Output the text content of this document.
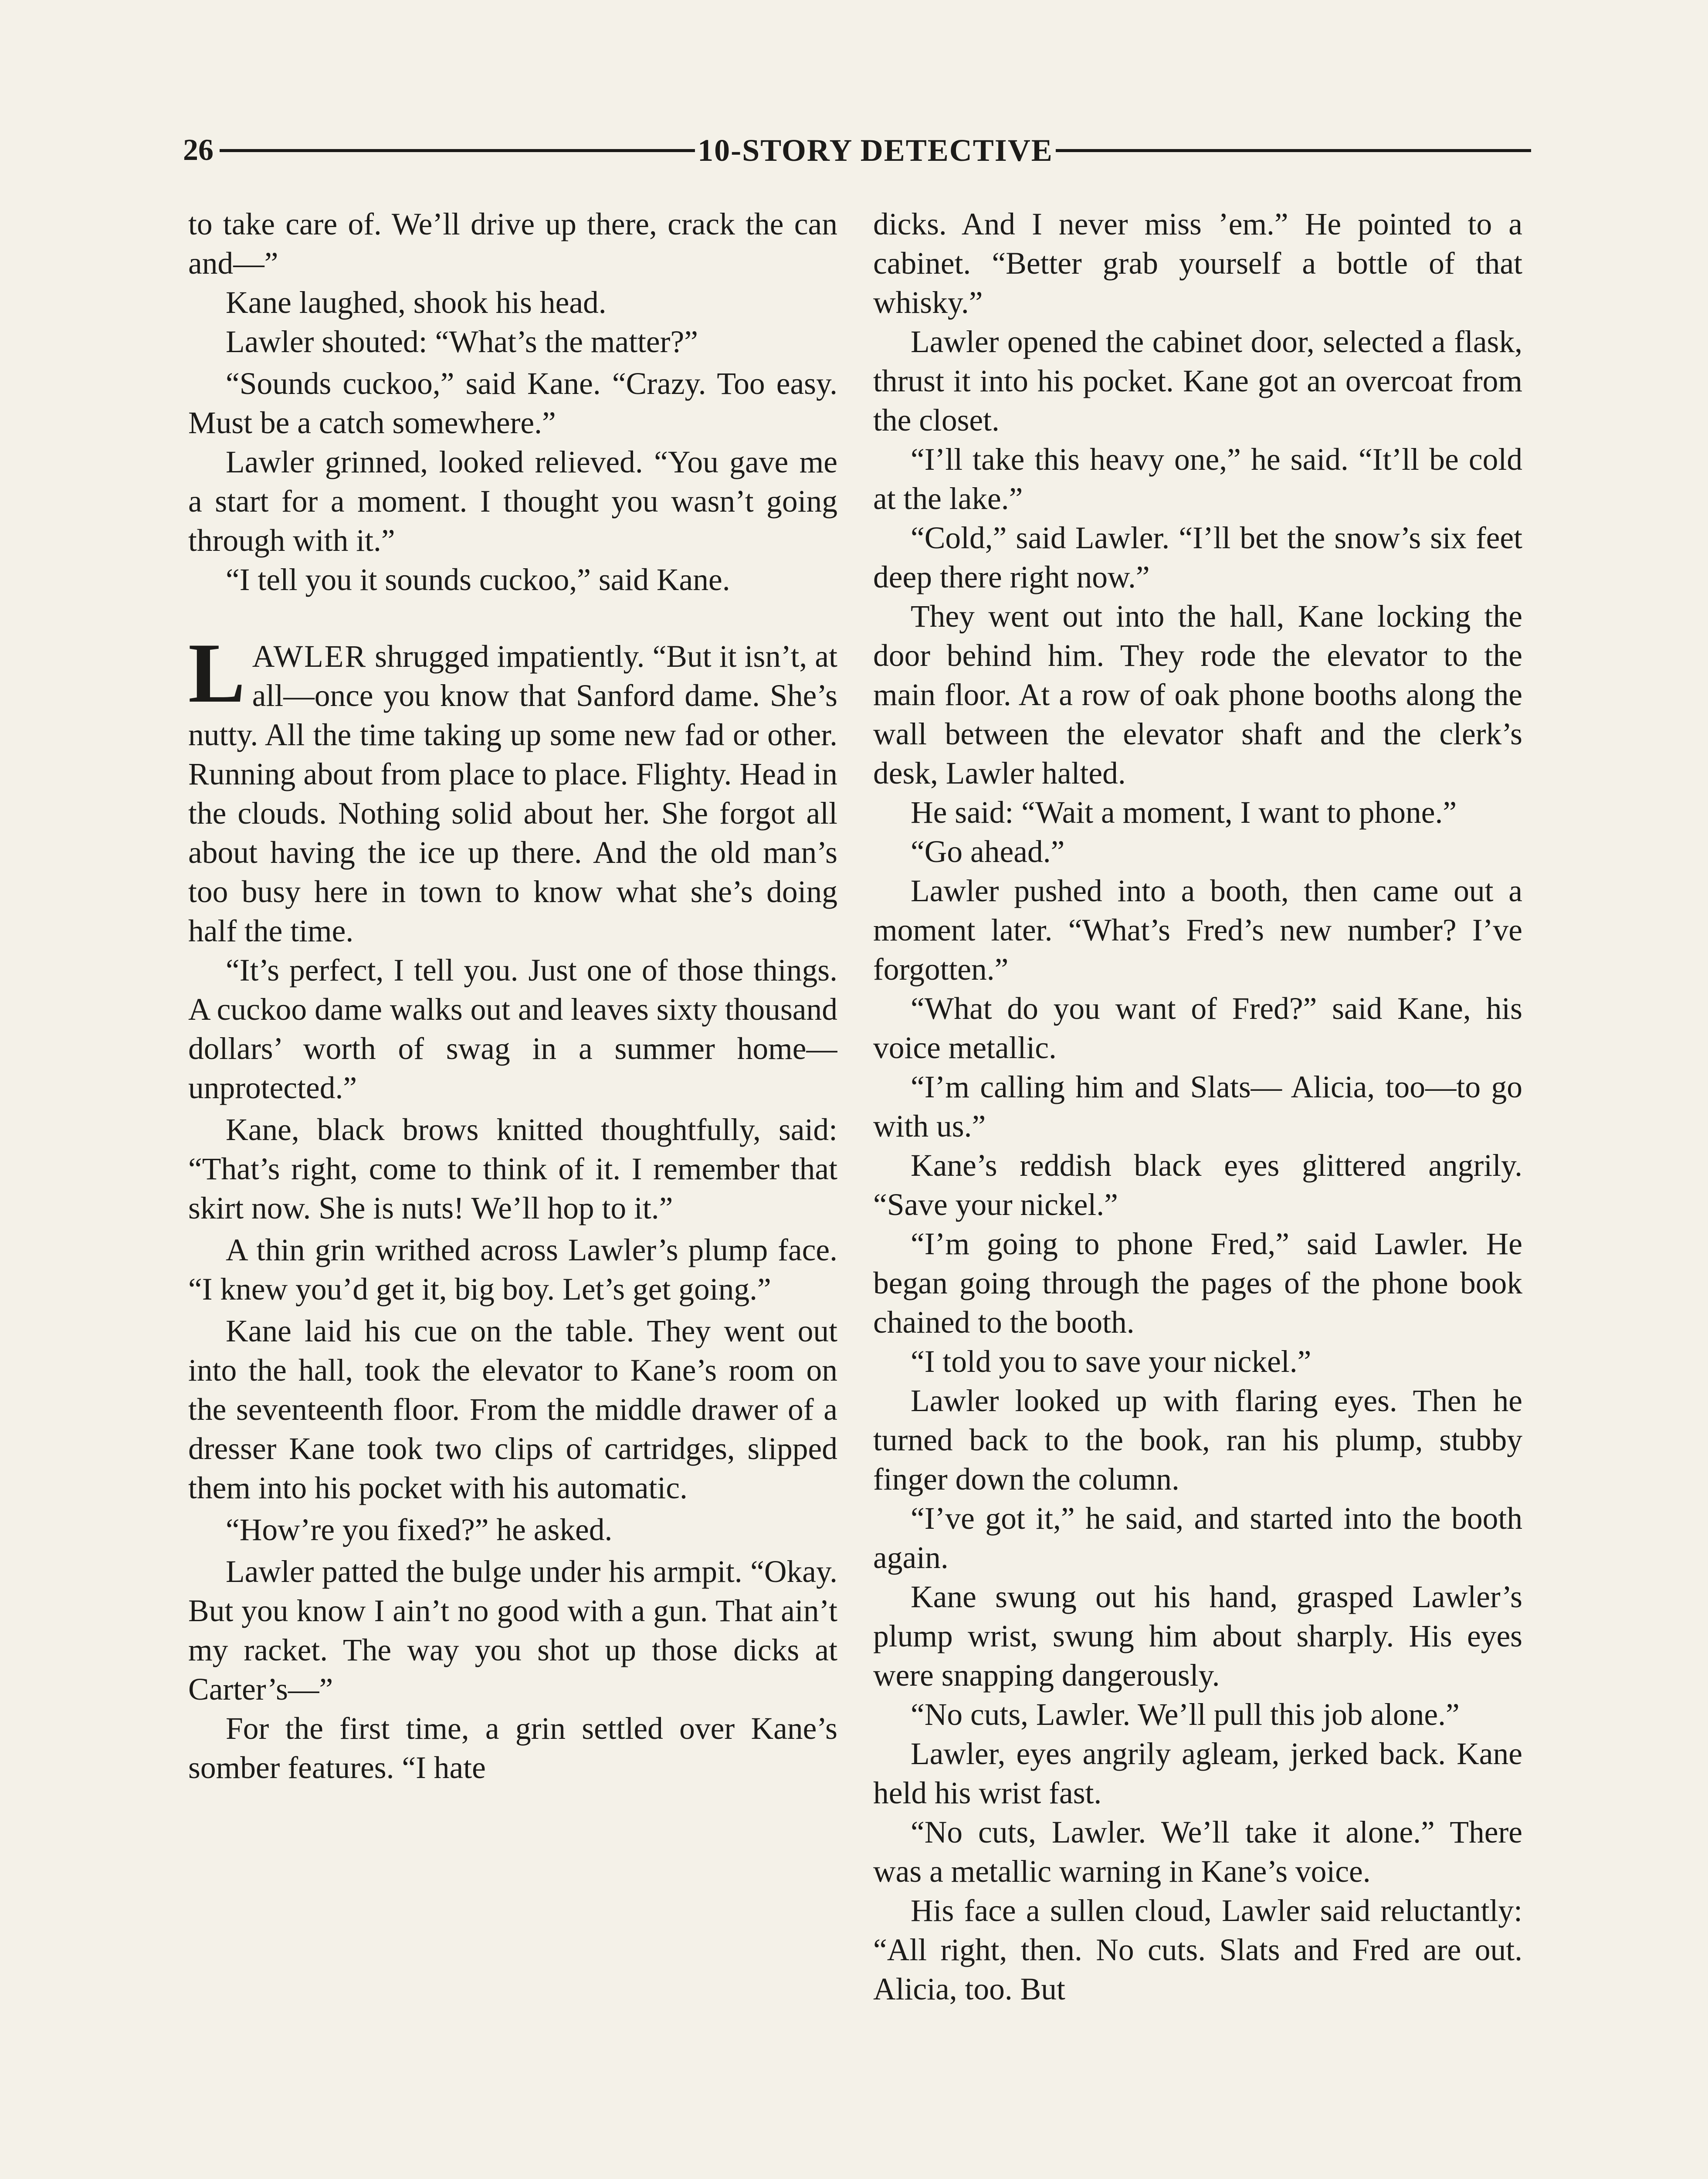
26	10-STORY DETECTIVE

to take care of. We’ll drive up there, crack the can and—”

Kane laughed, shook his head.

Lawler shouted: “What’s the matter?”

“Sounds cuckoo,” said Kane. “Crazy. Too easy. Must be a catch somewhere.”

Lawler grinned, looked relieved. “You gave me a start for a moment. I thought you wasn’t going through with it.”

“I tell you it sounds cuckoo,” said Kane.

LAWLER shrugged impatiently. “But it isn’t, at all—once you know that Sanford dame. She’s nutty. All the time taking up some new fad or other. Running about from place to place. Flighty. Head in the clouds. Nothing solid about her. She forgot all about having the ice up there. And the old man’s too busy here in town to know what she’s doing half the time.

“It’s perfect, I tell you. Just one of those things. A cuckoo dame walks out and leaves sixty thousand dollars’ worth of swag in a summer home—unprotected.”

Kane, black brows knitted thoughtfully, said: “That’s right, come to think of it. I remember that skirt now. She is nuts! We’ll hop to it.”

A thin grin writhed across Lawler’s plump face. “I knew you’d get it, big boy. Let’s get going.”

Kane laid his cue on the table. They went out into the hall, took the elevator to Kane’s room on the seventeenth floor. From the middle drawer of a dresser Kane took two clips of cartridges, slipped them into his pocket with his automatic.

“How’re you fixed?” he asked.

Lawler patted the bulge under his armpit. “Okay. But you know I ain’t no good with a gun. That ain’t my racket. The way you shot up those dicks at Carter’s—”

For the first time, a grin settled over Kane’s somber features. “I hate

dicks. And I never miss ’em.” He pointed to a cabinet. “Better grab yourself a bottle of that whisky.”

Lawler opened the cabinet door, selected a flask, thrust it into his pocket. Kane got an overcoat from the closet.

“I’ll take this heavy one,” he said. “It’ll be cold at the lake.”

“Cold,” said Lawler. “I’ll bet the snow’s six feet deep there right now.”

They went out into the hall, Kane locking the door behind him. They rode the elevator to the main floor. At a row of oak phone booths along the wall between the elevator shaft and the clerk’s desk, Lawler halted.

He said: “Wait a moment, I want to phone.”

“Go ahead.”

Lawler pushed into a booth, then came out a moment later. “What’s Fred’s new number? I’ve forgotten.”

“What do you want of Fred?” said Kane, his voice metallic.

“I’m calling him and Slats— Alicia, too—to go with us.”

Kane’s reddish black eyes glittered angrily. “Save your nickel.”

“I’m going to phone Fred,” said Lawler. He began going through the pages of the phone book chained to the booth.

“I told you to save your nickel.”

Lawler looked up with flaring eyes. Then he turned back to the book, ran his plump, stubby finger down the column.

“I’ve got it,” he said, and started into the booth again.

Kane swung out his hand, grasped Lawler’s plump wrist, swung him about sharply. His eyes were snapping dangerously.

“No cuts, Lawler. We’ll pull this job alone.”

Lawler, eyes angrily agleam, jerked back. Kane held his wrist fast.

“No cuts, Lawler. We’ll take it alone.” There was a metallic warning in Kane’s voice.

His face a sullen cloud, Lawler said reluctantly: “All right, then. No cuts. Slats and Fred are out. Alicia, too. But
